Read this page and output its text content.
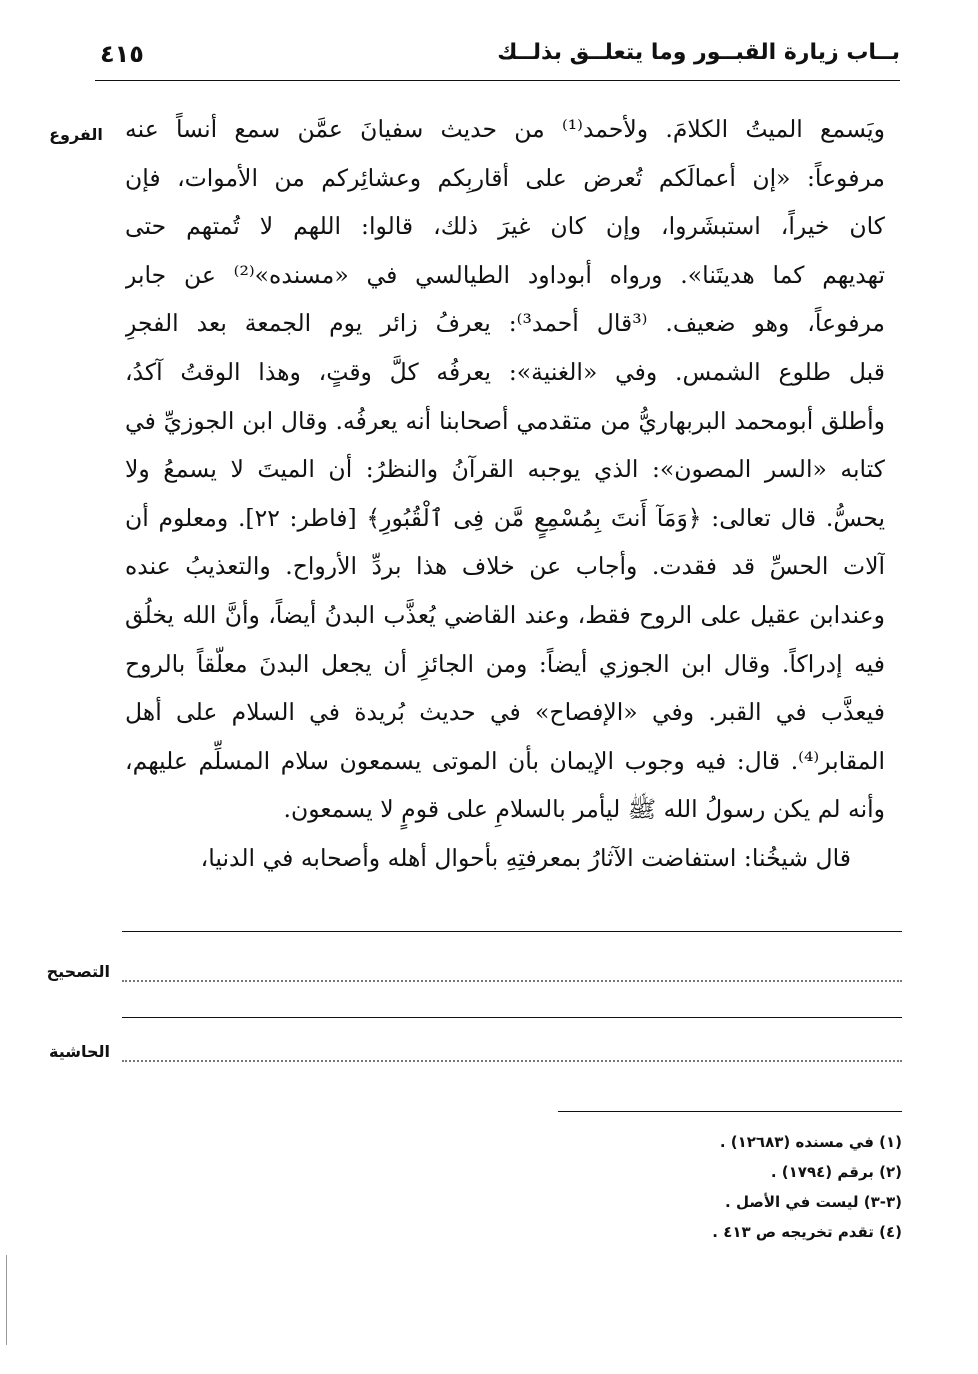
بــاب زيارة القبــور وما يتعلــق بذلــك
٤١٥
الفروع ويَسمع الميتُ الكلامَ. ولأحمد⁽¹⁾ من حديث سفيانَ عمَّن سمع أنساً عنه
مرفوعاً: «إن أعمالَكم تُعرض على أقاربِكم وعشائِركم من الأموات، فإن
كان خيراً، استبشَروا، وإن كان غيرَ ذلك، قالوا: اللهم لا تُمتهم حتى
تهديهم كما هديتَنا». ورواه أبوداود الطيالسي في «مسنده»⁽²⁾ عن جابر
مرفوعاً، وهو ضعيف. ⁽³قال أحمد³⁾: يعرفُ زائر يوم الجمعة بعد الفجرِ
قبل طلوع الشمس. وفي «الغنية»: يعرفُه كلَّ وقتٍ، وهذا الوقتُ آكدُ،
وأطلق أبومحمد البربهاريُّ من متقدمي أصحابنا أنه يعرفُه. وقال ابن الجوزيِّ في
كتابه «السر المصون»: الذي يوجبه القرآنُ والنظرُ: أن الميتَ لا يسمعُ ولا
يحسُّ. قال تعالى: ﴿وَمَآ أَنتَ بِمُسْمِعٍ مَّن فِى ٱلْقُبُورِ﴾ [فاطر: ٢٢]. ومعلوم أن
آلات الحسِّ قد فقدت. وأجاب عن خلاف هذا بردِّ الأرواح. والتعذيبُ عنده
وعندابن عقيل على الروح فقط، وعند القاضي يُعذَّب البدنُ أيضاً، وأنَّ الله يخلُق
فيه إدراكاً. وقال ابن الجوزي أيضاً: ومن الجائزِ أن يجعل البدنَ معلّقاً بالروح
فيعذَّب في القبر. وفي «الإفصاح» في حديث بُريدة في السلام على أهل
المقابر⁽⁴⁾. قال: فيه وجوب الإيمان بأن الموتى يسمعون سلام المسلِّم عليهم،
وأنه لم يكن رسولُ الله ﷺ ليأمر بالسلامِ على قومٍ لا يسمعون.
قال شيخُنا: استفاضت الآثارُ بمعرفتِهِ بأحوال أهله وأصحابه في الدنيا،
التصحيح
الحاشية
(١) في مسنده (١٢٦٨٣) .
(٢) برقم (١٧٩٤) .
(٣-٣) ليست في الأصل .
(٤) تقدم تخريجه ص ٤١٣ .
